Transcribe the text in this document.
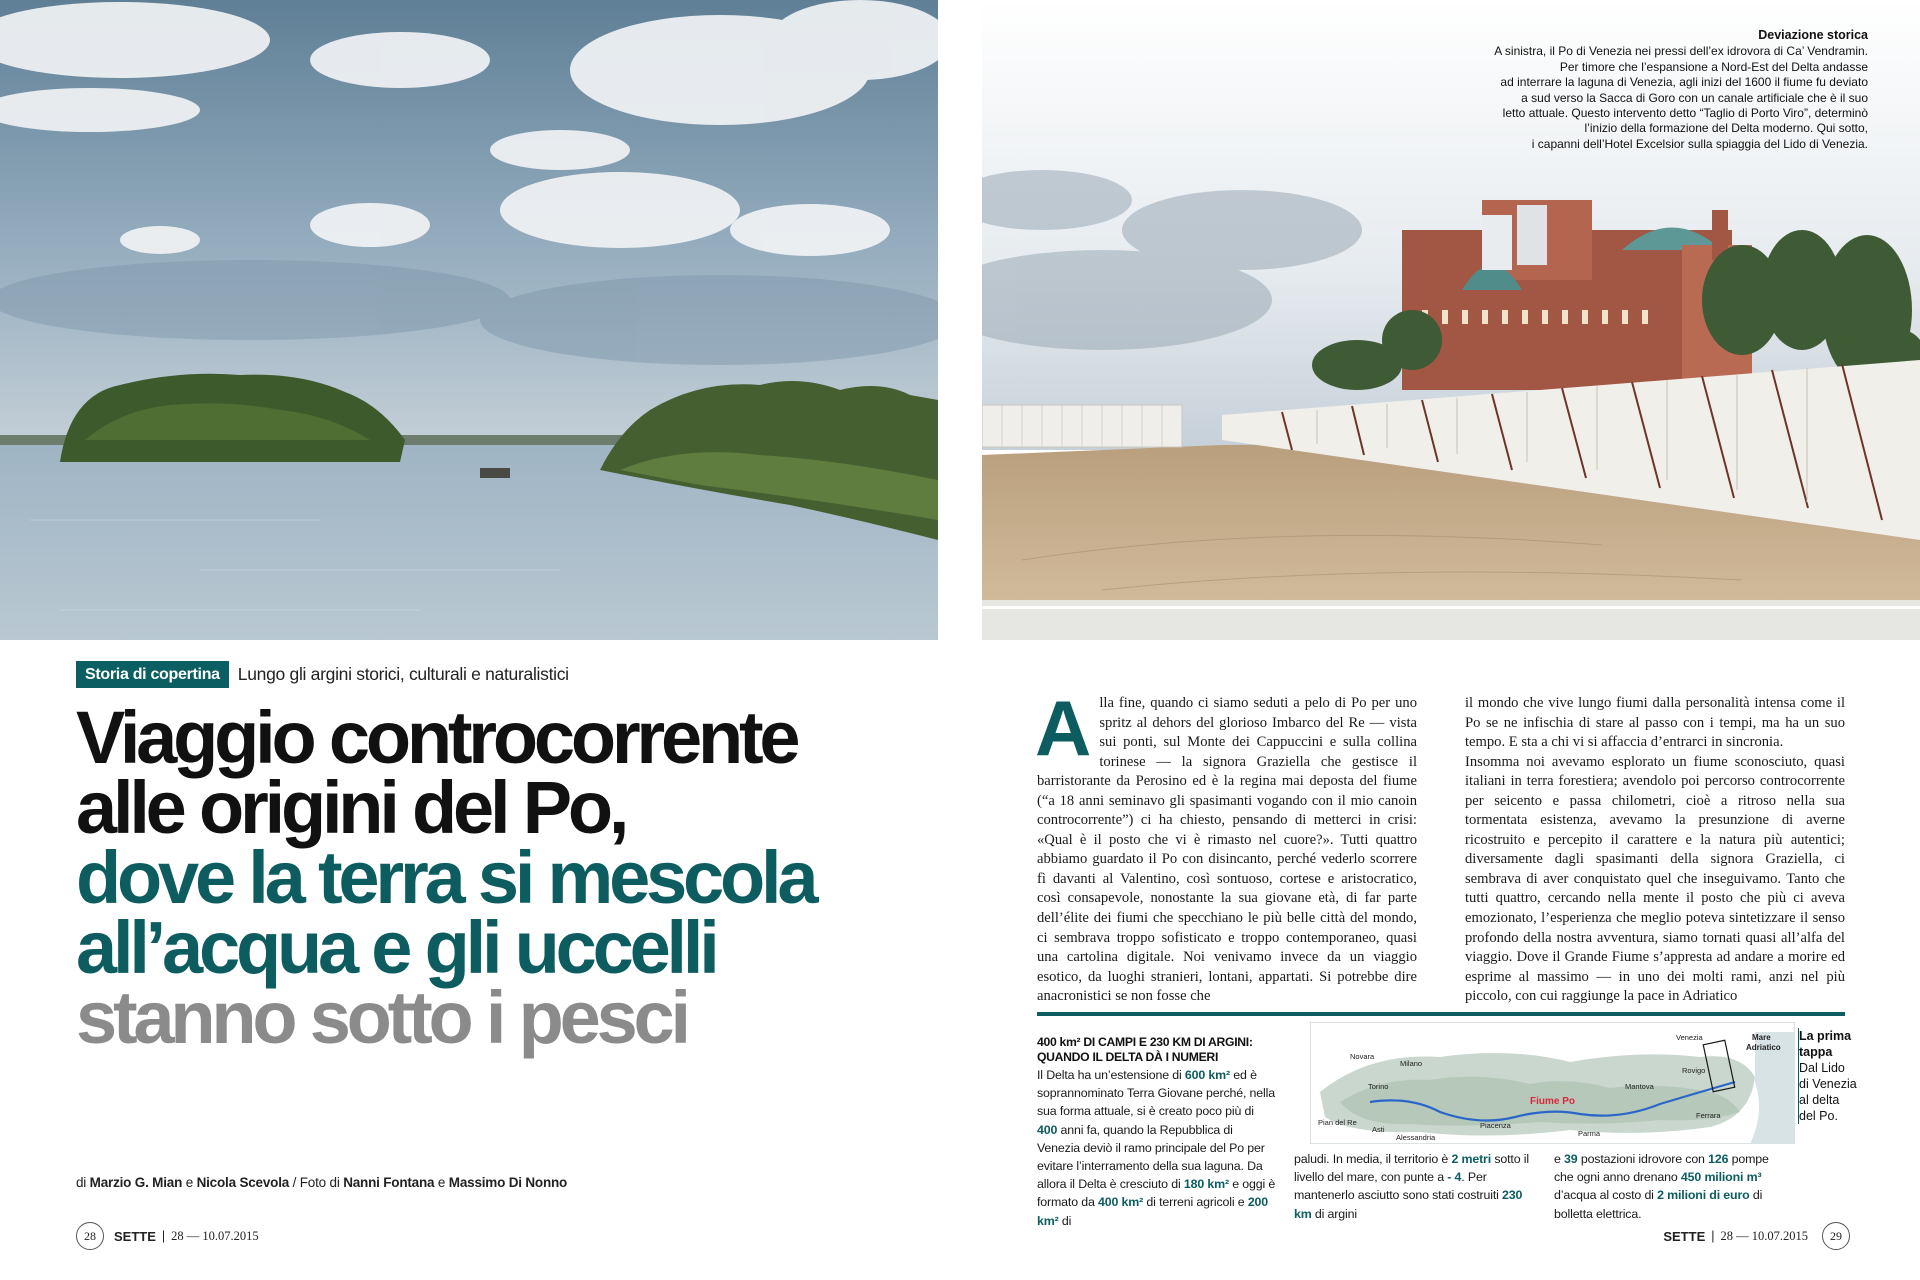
Deviazione storica
A sinistra, il Po di Venezia nei pressi dell’ex idrovora di Ca’ Vendramin.
Per timore che l’espansione a Nord-Est del Delta andasse
ad interrare la laguna di Venezia, agli inizi del 1600 il fiume fu deviato
a sud verso la Sacca di Goro con un canale artificiale che è il suo
letto attuale. Questo intervento detto “Taglio di Porto Viro”, determinò
l’inizio della formazione del Delta moderno. Qui sotto,
i capanni dell’Hotel Excelsior sulla spiaggia del Lido di Venezia.
Storia di copertina	Lungo gli argini storici, culturali e naturalistici
Viaggio controcorrente
alle origini del Po,
dove la terra si mescola
all’acqua e gli uccelli
stanno sotto i pesci
di Marzio G. Mian e Nicola Scevola / Foto di Nanni Fontana e Massimo Di Nonno
28	SETTE | 28 — 10.07.2015	SETTE | 28 — 10.07.2015	29
A lla fine, quando ci siamo seduti a pelo di Po per uno spritz al dehors del glorioso Imbarco del Re — vista sui ponti, sul Monte dei Cappuccini e sulla collina torinese — la signora Graziella che gestisce il barristorante da Perosino ed è la regina mai deposta del fiume (“a 18 anni seminavo gli spasimanti vogando con il mio canoin controcorrente”) ci ha chiesto, pensando di metterci in crisi: «Qual è il posto che vi è rimasto nel cuore?». Tutti quattro abbiamo guardato il Po con disincanto, perché vederlo scorrere fì davanti al Valentino, così sontuoso, cortese e aristocratico, così consapevole, nonostante la sua giovane età, di far parte dell’élite dei fiumi che specchiano le più belle città del mondo, ci sembrava troppo sofisticato e troppo contemporaneo, quasi una cartolina digitale. Noi venivamo invece da un viaggio esotico, da luoghi stranieri, lontani, appartati. Si potrebbe dire anacronistici se non fosse che

il mondo che vive lungo fiumi dalla personalità intensa come il Po se ne infischia di stare al passo con i tempi, ma ha un suo tempo. E sta a chi vi si affaccia d’entrarci in sincronia.

Insomma noi avevamo esplorato un fiume sconosciuto, quasi italiani in terra forestiera; avendolo poi percorso controcorrente per seicento e passa chilometri, cioè a ritroso nella sua tormentata esistenza, avevamo la presunzione di averne ricostruito e percepito il carattere e la natura più autentici; diversamente dagli spasimanti della signora Graziella, ci sembrava di aver conquistato quel che inseguivamo. Tanto che tutti quattro, cercando nella mente il posto che più ci aveva emozionato, l’esperienza che meglio poteva sintetizzare il senso profondo della nostra avventura, siamo tornati quasi all’alfa del viaggio. Dove il Grande Fiume s’appresta ad andare a morire ed esprime al massimo — in uno dei molti rami, anzi nel più piccolo, con cui raggiunge la pace in Adriatico

400 km² DI CAMPI E 230 KM DI ARGINI:
QUANDO IL DELTA DÀ I NUMERI
Il Delta ha un’estensione di 600 km² ed è soprannominato Terra Giovane perché, nella sua forma attuale, si è creato poco più di 400 anni fa, quando la Repubblica di Venezia deviò il ramo principale del Po per evitare l’interramento della sua laguna. Da allora il Delta è cresciuto di 180 km² e oggi è formato da 400 km² di terreni agricoli e 200 km² di
paludi. In media, il territorio è 2 metri sotto il livello del mare, con punte a - 4. Per mantenerlo asciutto sono stati costruiti 230 km di argini
e 39 postazioni idrovore con 126 pompe che ogni anno drenano 450 milioni m³ d’acqua al costo di 2 milioni di euro di bolletta elettrica.
Novara
Milano
Venezia
Torino
Rovigo
Mantova
Ferrara
Pian del Re
Asti
Alessandria
Piacenza
Parma
Fiume Po
Mare
Adriatico
La prima
tappa
Dal Lido
di Venezia
al delta
del Po.
